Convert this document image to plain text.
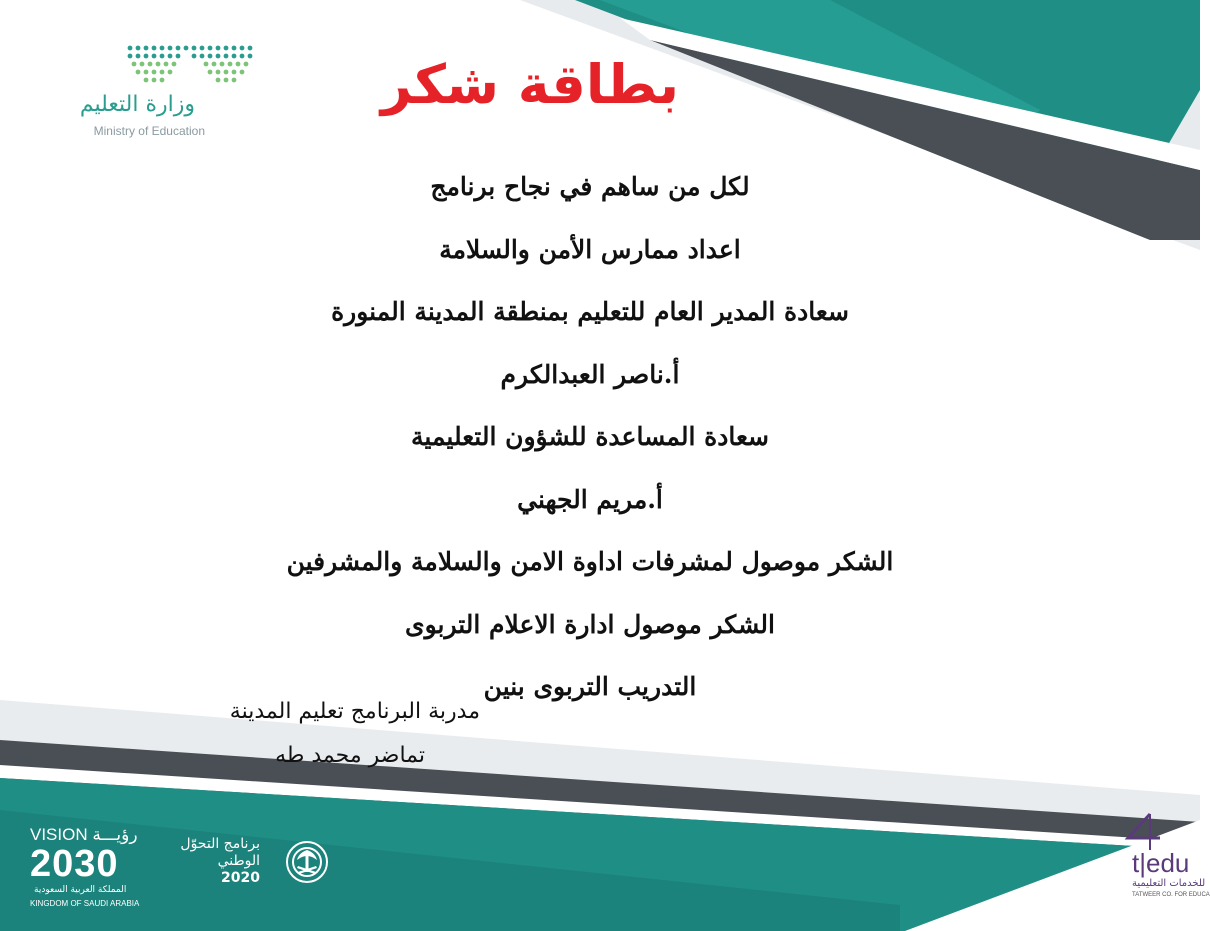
وزارة التعليم
Ministry of Education
بطاقة شكر
لكل من ساهم في نجاح برنامج
اعداد ممارس الأمن والسلامة
سعادة المدير العام للتعليم بمنطقة المدينة المنورة
أ.ناصر العبدالكرم
سعادة المساعدة للشؤون التعليمية
أ.مريم الجهني
الشكر موصول لمشرفات اداوة الامن والسلامة والمشرفين
الشكر موصول ادارة الاعلام التربوى
التدريب التربوى بنين
مدربة البرنامج تعليم المدينة
تماضر محمد طه
VISION رؤيـــة
2030
المملكة العربية السعودية
KINGDOM OF SAUDI ARABIA
برنامج التحوّل الوطني
2020	t|edu
للخدمات التعليمية
TATWEER CO. FOR EDUCA
